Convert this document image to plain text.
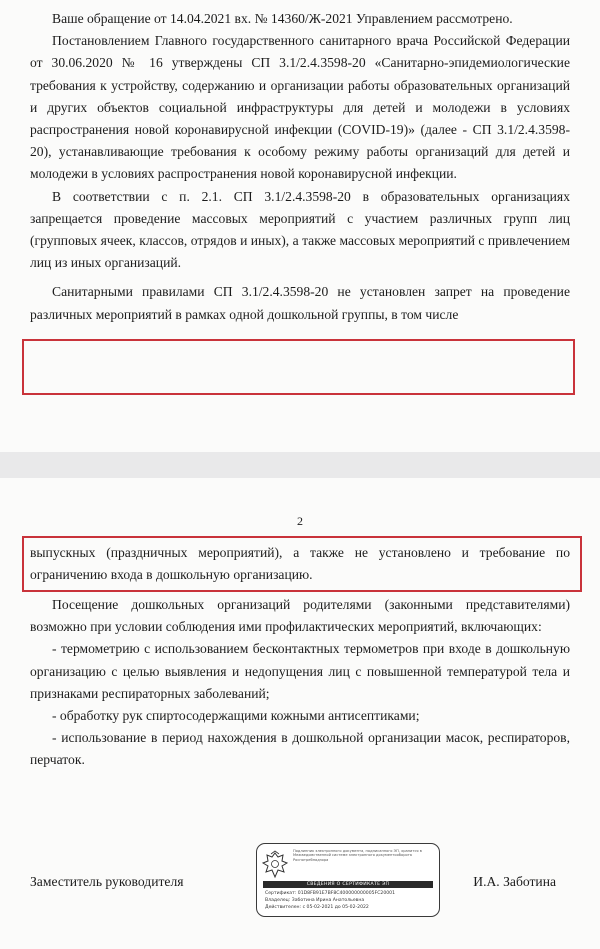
Ваше обращение от 14.04.2021 вх. № 14360/Ж-2021 Управлением рассмотрено.

Постановлением Главного государственного санитарного врача Российской Федерации от 30.06.2020 № 16 утверждены СП 3.1/2.4.3598-20 «Санитарно-эпидемиологические требования к устройству, содержанию и организации работы образовательных организаций и других объектов социальной инфраструктуры для детей и молодежи в условиях распространения новой коронавирусной инфекции (COVID-19)» (далее - СП 3.1/2.4.3598-20), устанавливающие требования к особому режиму работы организаций для детей и молодежи в условиях распространения новой коронавирусной инфекции.

В соответствии с п. 2.1. СП 3.1/2.4.3598-20 в образовательных организациях запрещается проведение массовых мероприятий с участием различных групп лиц (групповых ячеек, классов, отрядов и иных), а также массовых мероприятий с привлечением лиц из иных организаций.

Санитарными правилами СП 3.1/2.4.3598-20 не установлен запрет на проведение различных мероприятий в рамках одной дошкольной группы, в том числе

2

выпускных (праздничных мероприятий), а также не установлено и требование по ограничению входа в дошкольную организацию.

Посещение дошкольных организаций родителями (законными представителями) возможно при условии соблюдения ими профилактических мероприятий, включающих:

- термометрию с использованием бесконтактных термометров при входе в дошкольную организацию с целью выявления и недопущения лиц с повышенной температурой тела и признаками респираторных заболеваний;

- обработку рук спиртосодержащими кожными антисептиками;

- использование в период нахождения в дошкольной организации масок, респираторов, перчаток.

Заместитель руководителя	И.А. Заботина
Подлинник электронного документа, подписанного ЭП, хранится в Межведомственной системе электронного документооборота Роспотребнадзора
СВЕДЕНИЯ О СЕРТИФИКАТЕ ЭП
Сертификат: 01D8FB91E7BF8C400000000005FC20001
Владелец: Заботина Ирина Анатольевна
Действителен: с 05-02-2021 до 05-02-2022
